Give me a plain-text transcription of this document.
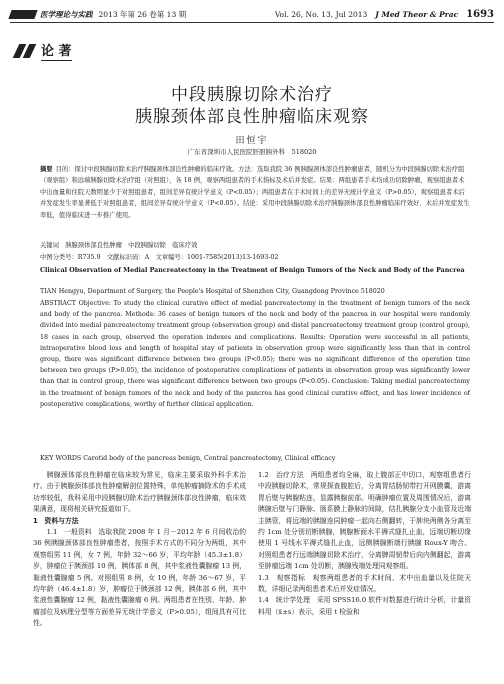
医学理论与实践 2013 年第 26 卷第 13 期	Vol. 26, No. 13, Jul 2013 J Med Theor & Prac 1693
论 著
中段胰腺切除术治疗
胰腺颈体部良性肿瘤临床观察
田恒宇
广东省深圳市人民医院肝胆胰外科　518020
摘要 目的：探讨中段胰腺切除术治疗胰腺颈体部良性肿瘤的临床疗效。方法：选取我院 36 例胰腺颈体部良性肿瘤患者，随机分为中段胰腺切除术治疗组（观察组）和远端胰腺切除术治疗组（对照组），各 18 例，观察两组患者的手术指标及术后并发症。结果：两组患者手术均成功切除肿瘤，观察组患者术中出血量和住院天数明显少于对照组患者，组间差异有统计学意义（P<0.05）；两组患者在手术时间上的差异无统计学意义（P>0.05），观察组患者术后并发症发生率显著低于对照组患者，组间差异有统计学意义（P<0.05）。结论：采用中段胰腺切除术治疗胰腺颈体部良性肿瘤临床疗效好、术后并发症发生率低，值得临床进一步推广使用。
关键词　胰腺颈体部良性肿瘤　中段胰腺切除　临床疗效
中图分类号：R735.9　文献标识码：A　文章编号：1001-7585(2013)13-1693-02
Clinical Observation of Medial Pancreatectomy in the Treatment of Benign Tumors of the Neck and Body of the Pancrea
TIAN Hengyu, Department of Surgery, the People's Hospital of Shenzhen City, Guangdong Province 518020
ABSTRACT Objective: To study the clinical curative effect of medial pancreatectomy in the treatment of benign tumors of the neck and body of the pancrea. Methods: 36 cases of benign tumors of the neck and body of the pancrea in our hospital were randomly divided into medial pancreatectomy treatment group (observation group) and distal pancreatectomy treatment group (control group), 18 cases in each group, observed the operation indexes and complications. Results: Operation were successful in all patients, intraoperative blood loss and length of hospital stay of patients in observation group were significantly less than that in control group, there was significant difference between two groups (P<0.05); there was no significant difference of the operation time between two groups (P>0.05), the incidence of postoperative complications of patients in observation group was significantly lower than that in control group, there was significant difference between two groups (P<0.05). Conclusion: Taking medial pancreatectomy in the treatment of benign tumors of the neck and body of the pancrea has good clinical curative effect, and has lower incidence of postoperative complications, worthy of further clinical application.
KEY WORDS Carotid body of the pancreas benign, Central pancreatectomy, Clinical efficacy

胰腺颈体部良性肿瘤在临床较为常见，临床主要采取外科手术治疗。由于胰腺颈体部良性肿瘤解剖位置特殊，单纯肿瘤摘除术的手术成功率较低，我科采用中段胰腺切除术治疗胰腺颈体部良性肿瘤，临床效果满意，现将相关研究报道如下。

1　资料与方法

1.1　一般资料　选取我院 2008 年 1 月－2012 年 6 月间收治的 36 例胰腺颈体部良性肿瘤患者，按照手术方式的不同分为两组，其中观察组男 11 例，女 7 例，年龄 32～66 岁，平均年龄（45.3±1.8）岁，肿瘤位于胰颈部 10 例，胰体部 8 例，其中浆液性囊腺瘤 13 例，黏液性囊腺瘤 5 例。对照组男 8 例，女 10 例，年龄 36～67 岁，平均年龄（46.4±1.8）岁，肿瘤位于胰颈部 12 例，胰体部 6 例，其中浆液性囊腺瘤 12 例，黏液性囊腺瘤 6 例。两组患者在性别、年龄、肿瘤部位及病理分型等方面差异无统计学意义（P>0.05），组间具有可比性。

1.2　治疗方法　两组患者均全麻，取上腹部正中切口，观察组患者行中段胰腺切除术，常规探查腹腔后，分离胃结肠韧带打开网膜囊，游离胃后壁与胰腺粘连，显露胰腺前部。明确肿瘤位置及周围情况后，游离胰腺后壁与门静脉、肠系膜上静脉的间隙，结扎胰腺分支小血管及近端主胰管，将远端的胰腺连同肿瘤一起向右侧翻转，于肿块两侧各分离至约 1cm 处分别切断胰腺，胰腺断面水平褥式缝扎止血，远端切断切缘使用 1 号线水平褥式缝扎止血，远侧胰腺断端行胰腺 Roux-Y 吻合。对照组患者行远端胰腺切除术治疗，分离脾周韧带后向内侧翻起，游离至肿瘤远端 1cm 处切断，胰腺残端处理同观察组。

1.3　观察指标　观察两组患者的手术时间、术中出血量以及住院天数，详细记录两组患者术后并发症情况。

1.4　统计学处理　采用 SPSS16.0 软件对数据进行统计分析，计量资料用（x̄±s）表示，采用 t 检验和
